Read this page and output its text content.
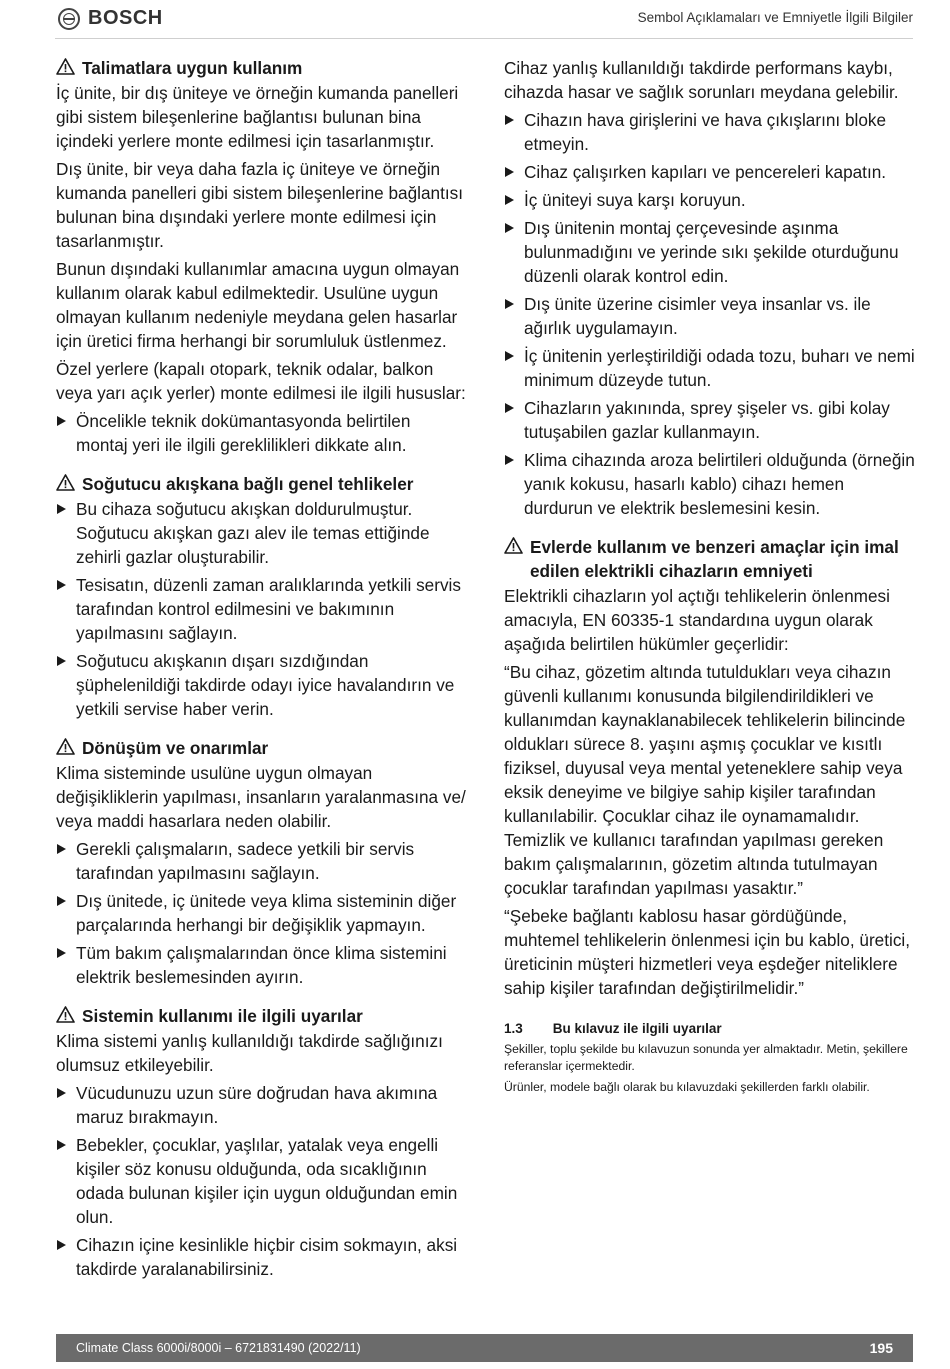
BOSCH	Sembol Açıklamaları ve Emniyetle İlgili Bilgiler
Talimatlara uygun kullanım

İç ünite, bir dış üniteye ve örneğin kumanda panelleri gibi sistem bileşenlerine bağlantısı bulunan bina içindeki yerlere monte edilmesi için tasarlanmıştır.

Dış ünite, bir veya daha fazla iç üniteye ve örneğin kumanda panelleri gibi sistem bileşenlerine bağlantısı bulunan bina dışındaki yerlere monte edilmesi için tasarlanmıştır.

Bunun dışındaki kullanımlar amacına uygun olmayan kullanım olarak kabul edilmektedir. Usulüne uygun olmayan kullanım nedeniyle meydana gelen hasarlar için üretici firma herhangi bir sorumluluk üstlenmez.

Özel yerlere (kapalı otopark, teknik odalar, balkon veya yarı açık yerler) monte edilmesi ile ilgili hususlar:

Öncelikle teknik dokümantasyonda belirtilen montaj yeri ile ilgili gereklilikleri dikkate alın.
Soğutucu akışkana bağlı genel tehlikeler
Bu cihaza soğutucu akışkan doldurulmuştur. Soğutucu akışkan gazı alev ile temas ettiğinde zehirli gazlar oluşturabilir.
Tesisatın, düzenli zaman aralıklarında yetkili servis tarafından kontrol edilmesini ve bakımının yapılmasını sağlayın.
Soğutucu akışkanın dışarı sızdığından şüphelenildiği takdirde odayı iyice havalandırın ve yetkili servise haber verin.
Dönüşüm ve onarımlar

Klima sisteminde usulüne uygun olmayan değişikliklerin yapılması, insanların yaralanmasına ve/ veya maddi hasarlara neden olabilir.

Gerekli çalışmaların, sadece yetkili bir servis tarafından yapılmasını sağlayın.
Dış ünitede, iç ünitede veya klima sisteminin diğer parçalarında herhangi bir değişiklik yapmayın.
Tüm bakım çalışmalarından önce klima sistemini elektrik beslemesinden ayırın.
Sistemin kullanımı ile ilgili uyarılar

Klima sistemi yanlış kullanıldığı takdirde sağlığınızı olumsuz etkileyebilir.

Vücudunuzu uzun süre doğrudan hava akımına maruz bırakmayın.
Bebekler, çocuklar, yaşlılar, yatalak veya engelli kişiler söz konusu olduğunda, oda sıcaklığının odada bulunan kişiler için uygun olduğundan emin olun.
Cihazın içine kesinlikle hiçbir cisim sokmayın, aksi takdirde yaralanabilirsiniz.

Cihaz yanlış kullanıldığı takdirde performans kaybı, cihazda hasar ve sağlık sorunları meydana gelebilir.

Cihazın hava girişlerini ve hava çıkışlarını bloke etmeyin.
Cihaz çalışırken kapıları ve pencereleri kapatın.
İç üniteyi suya karşı koruyun.
Dış ünitenin montaj çerçevesinde aşınma bulunmadığını ve yerinde sıkı şekilde oturduğunu düzenli olarak kontrol edin.
Dış ünite üzerine cisimler veya insanlar vs. ile ağırlık uygulamayın.
İç ünitenin yerleştirildiği odada tozu, buharı ve nemi minimum düzeyde tutun.
Cihazların yakınında, sprey şişeler vs. gibi kolay tutuşabilen gazlar kullanmayın.
Klima cihazında aroza belirtileri olduğunda (örneğin yanık kokusu, hasarlı kablo) cihazı hemen durdurun ve elektrik beslemesini kesin.
Evlerde kullanım ve benzeri amaçlar için imal edilen elektrikli cihazların emniyeti

Elektrikli cihazların yol açtığı tehlikelerin önlenmesi amacıyla, EN 60335-1 standardına uygun olarak aşağıda belirtilen hükümler geçerlidir:

“Bu cihaz, gözetim altında tutuldukları veya cihazın güvenli kullanımı konusunda bilgilendirildikleri ve kullanımdan kaynaklanabilecek tehlikelerin bilincinde oldukları sürece 8. yaşını aşmış çocuklar ve kısıtlı fiziksel, duyusal veya mental yeteneklere sahip veya eksik deneyime ve bilgiye sahip kişiler tarafından kullanılabilir. Çocuklar cihaz ile oynamamalıdır. Temizlik ve kullanıcı tarafından yapılması gereken bakım çalışmalarının, gözetim altında tutulmayan çocuklar tarafından yapılması yasaktır.”

“Şebeke bağlantı kablosu hasar gördüğünde, muhtemel tehlikelerin önlenmesi için bu kablo, üretici, üreticinin müşteri hizmetleri veya eşdeğer niteliklere sahip kişiler tarafından değiştirilmelidir.”

1.3 Bu kılavuz ile ilgili uyarılar

Şekiller, toplu şekilde bu kılavuzun sonunda yer almaktadır. Metin, şekillere referanslar içermektedir.

Ürünler, modele bağlı olarak bu kılavuzdaki şekillerden farklı olabilir.

Climate Class 6000i/8000i – 6721831490 (2022/11)	195
